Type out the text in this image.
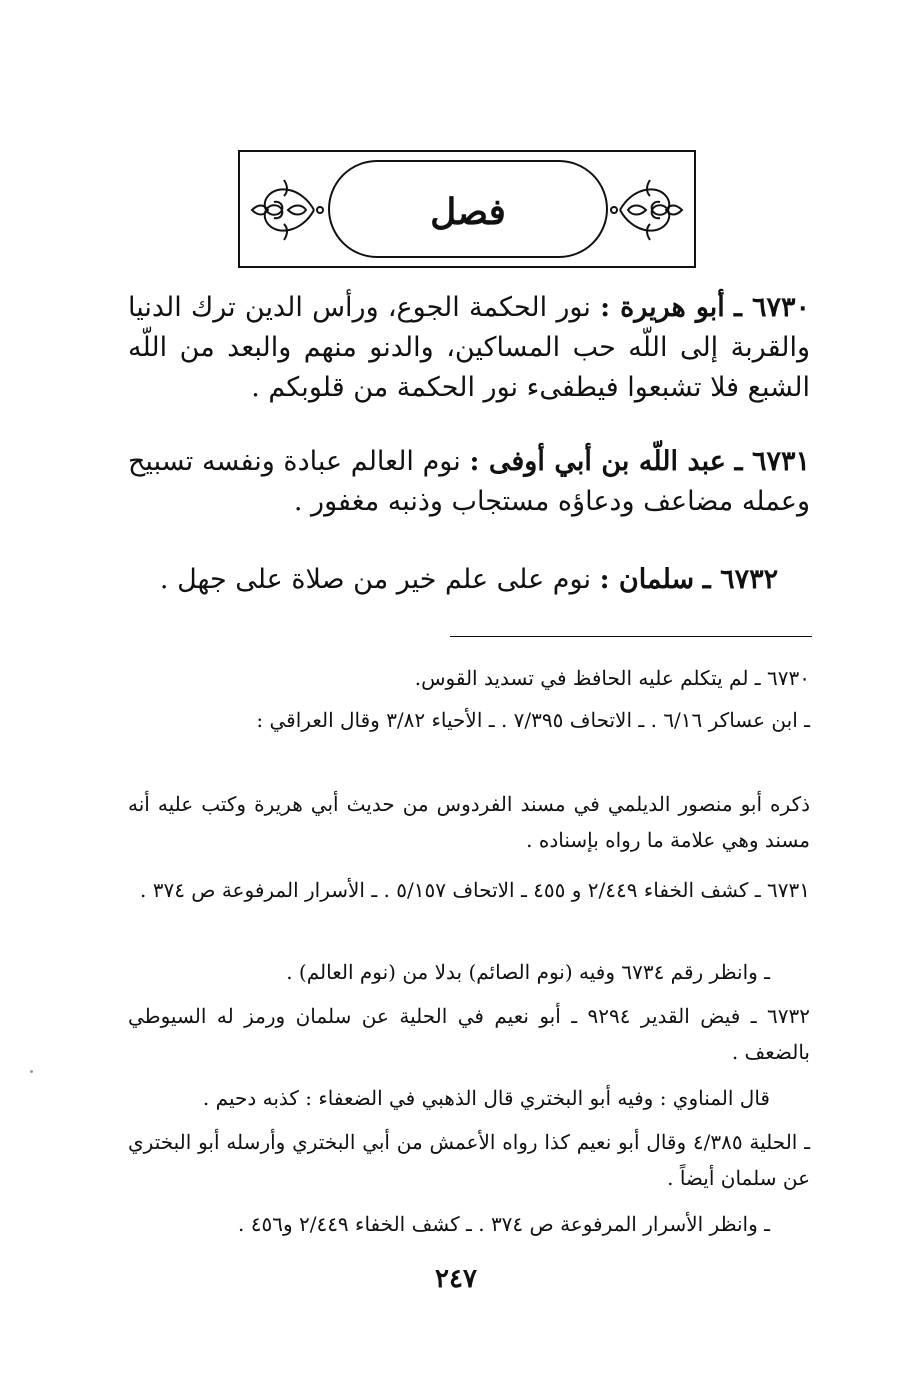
فصل
٦٧٣٠ ـ أبو هريرة : نور الحكمة الجوع، ورأس الدين ترك الدنيا والقربة إلى اللّه حب المساكين، والدنو منهم والبعد من اللّه الشبع فلا تشبعوا فيطفىء نور الحكمة من قلوبكم .
٦٧٣١ ـ عبد اللّه بن أبي أوفى : نوم العالم عبادة ونفسه تسبيح وعمله مضاعف ودعاؤه مستجاب وذنبه مغفور .
٦٧٣٢ ـ سلمان : نوم على علم خير من صلاة على جهل .
٦٧٣٠ ـ لم يتكلم عليه الحافظ في تسديد القوس.
ـ ابن عساكر ٦/١٦ . ـ الاتحاف ٧/٣٩٥ . ـ الأحياء ٣/٨٢ وقال العراقي :
ذكره أبو منصور الديلمي في مسند الفردوس من حديث أبي هريرة وكتب عليه أنه مسند وهي علامة ما رواه بإسناده .
٦٧٣١ ـ كشف الخفاء ٢/٤٤٩ و ٤٥٥ ـ الاتحاف ٥/١٥٧ . ـ الأسرار المرفوعة ص ٣٧٤ .
ـ وانظر رقم ٦٧٣٤ وفيه (نوم الصائم) بدلا من (نوم العالم) .
٦٧٣٢ ـ فيض القدير ٩٢٩٤ ـ أبو نعيم في الحلية عن سلمان ورمز له السيوطي بالضعف .
قال المناوي : وفيه أبو البختري قال الذهبي في الضعفاء : كذبه دحيم .
ـ الحلية ٤/٣٨٥ وقال أبو نعيم كذا رواه الأعمش من أبي البختري وأرسله أبو البختري عن سلمان أيضاً .
ـ وانظر الأسرار المرفوعة ص ٣٧٤ . ـ كشف الخفاء ٢/٤٤٩ و٤٥٦ .
٢٤٧
